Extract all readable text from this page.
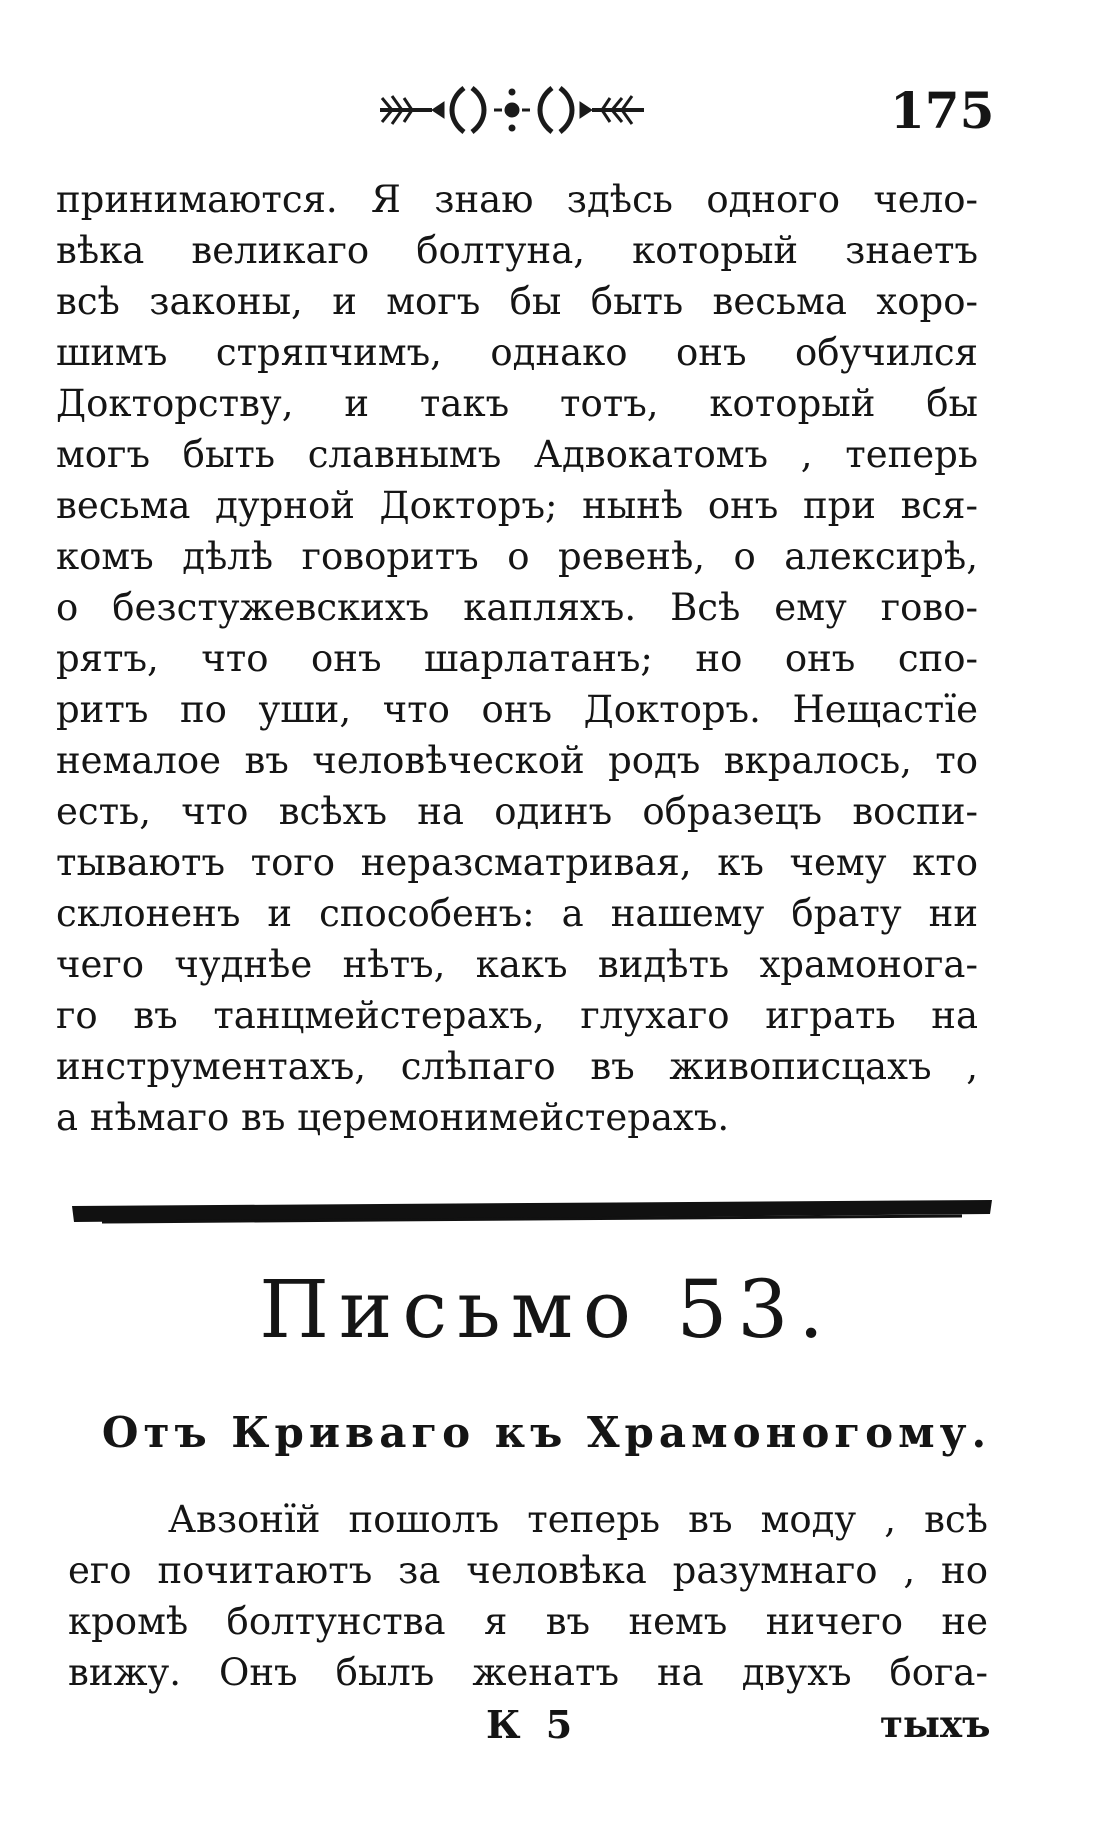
175
принимаются. Я знаю здѣсь одного чело-
вѣка великаго болтуна, который знаетъ
всѣ законы, и могъ бы быть весьма хоро-
шимъ стряпчимъ, однако онъ обучился
Докторству, и такъ тотъ, который бы
могъ быть славнымъ Адвокатомъ , теперь
весьма дурной Докторъ; нынѣ онъ при вся-
комъ дѣлѣ говоритъ о ревенѣ, о алексирѣ,
о безстужевскихъ капляхъ. Всѣ ему гово-
рятъ, что онъ шарлатанъ; но онъ спо-
ритъ по уши, что онъ Докторъ. Нещастїе
немалое въ человѣческой родъ вкралось, то
есть, что всѣхъ на одинъ образецъ воспи-
тываютъ того неразсматривая, къ чему кто
склоненъ и способенъ: а нашему брату ни
чего чуднѣе нѣтъ, какъ видѣть храмонога-
го въ танцмейстерахъ, глухаго играть на
инструментахъ, слѣпаго въ живописцахъ ,
а нѣмаго въ церемонимейстерахъ.
Письмо 53.
Отъ Криваго къ Храмоногому.
Авзонїй пошолъ теперь въ моду , всѣ
его почитаютъ за человѣка разумнаго , но
кромѣ болтунства я въ немъ ничего не
вижу. Онъ былъ женатъ на двухъ бога-
К 5	тыхъ
